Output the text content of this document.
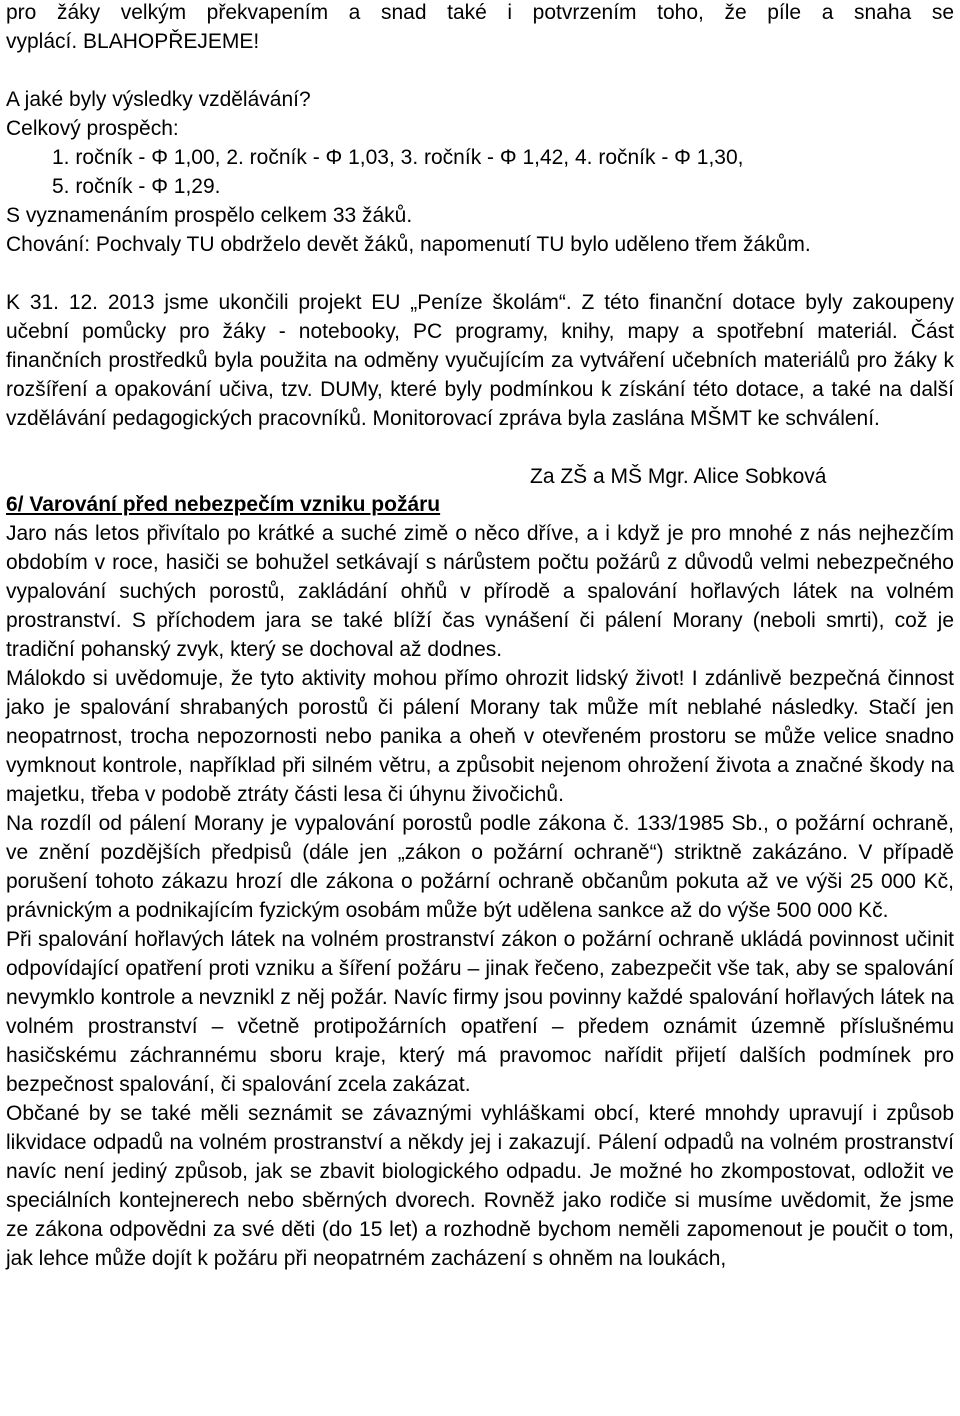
pro žáky velkým překvapením a snad také i potvrzením toho, že píle a snaha se
vyplácí. BLAHOPŘEJEME!
A jaké byly výsledky vzdělávání?
Celkový prospěch:
1. ročník - Φ 1,00, 2. ročník - Φ 1,03, 3. ročník - Φ 1,42, 4. ročník - Φ 1,30,
5. ročník - Φ 1,29.

S vyznamenáním prospělo celkem 33 žáků.

Chování: Pochvaly TU obdrželo devět žáků, napomenutí TU bylo uděleno třem žákům.

K 31. 12. 2013 jsme ukončili projekt EU „Peníze školám“. Z této finanční dotace byly zakoupeny učební pomůcky pro žáky - notebooky, PC programy, knihy, mapy a spotřební materiál. Část finančních prostředků byla použita na odměny vyučujícím za vytváření učebních materiálů pro žáky k rozšíření a opakování učiva, tzv. DUMy, které byly podmínkou k získání této dotace, a také na další vzdělávání pedagogických pracovníků. Monitorovací zpráva byla zaslána MŠMT ke schválení.

Za ZŠ a MŠ Mgr. Alice Sobková
6/ Varování před nebezpečím vzniku požáru

Jaro nás letos přivítalo po krátké a suché zimě o něco dříve, a i když je pro mnohé z nás nejhezčím obdobím v roce, hasiči se bohužel setkávají s nárůstem počtu požárů z důvodů velmi nebezpečného vypalování suchých porostů, zakládání ohňů v přírodě a spalování hořlavých látek na volném prostranství. S příchodem jara se také blíží čas vynášení či pálení Morany (neboli smrti), což je tradiční pohanský zvyk, který se dochoval až dodnes.

Málokdo si uvědomuje, že tyto aktivity mohou přímo ohrozit lidský život! I zdánlivě bezpečná činnost jako je spalování shrabaných porostů či pálení Morany tak může mít neblahé následky. Stačí jen neopatrnost, trocha nepozornosti nebo panika a oheň v otevřeném prostoru se může velice snadno vymknout kontrole, například při silném větru, a způsobit nejenom ohrožení života a značné škody na majetku, třeba v podobě ztráty části lesa či úhynu živočichů.

Na rozdíl od pálení Morany je vypalování porostů podle zákona č. 133/1985 Sb., o požární ochraně, ve znění pozdějších předpisů (dále jen „zákon o požární ochraně“) striktně zakázáno. V případě porušení tohoto zákazu hrozí dle zákona o požární ochraně občanům pokuta až ve výši 25 000 Kč, právnickým a podnikajícím fyzickým osobám může být udělena sankce až do výše 500 000 Kč.

Při spalování hořlavých látek na volném prostranství zákon o požární ochraně ukládá povinnost učinit odpovídající opatření proti vzniku a šíření požáru – jinak řečeno, zabezpečit vše tak, aby se spalování nevymklo kontrole a nevznikl z něj požár. Navíc firmy jsou povinny každé spalování hořlavých látek na volném prostranství – včetně protipožárních opatření – předem oznámit územně příslušnému hasičskému záchrannému sboru kraje, který má pravomoc nařídit přijetí dalších podmínek pro bezpečnost spalování, či spalování zcela zakázat.

Občané by se také měli seznámit se závaznými vyhláškami obcí, které mnohdy upravují i způsob likvidace odpadů na volném prostranství a někdy jej i zakazují. Pálení odpadů na volném prostranství navíc není jediný způsob, jak se zbavit biologického odpadu. Je možné ho zkompostovat, odložit ve speciálních kontejnerech nebo sběrných dvorech. Rovněž jako rodiče si musíme uvědomit, že jsme ze zákona odpovědni za své děti (do 15 let) a rozhodně bychom neměli zapomenout je poučit o tom, jak lehce může dojít k požáru při neopatrném zacházení s ohněm na loukách,
